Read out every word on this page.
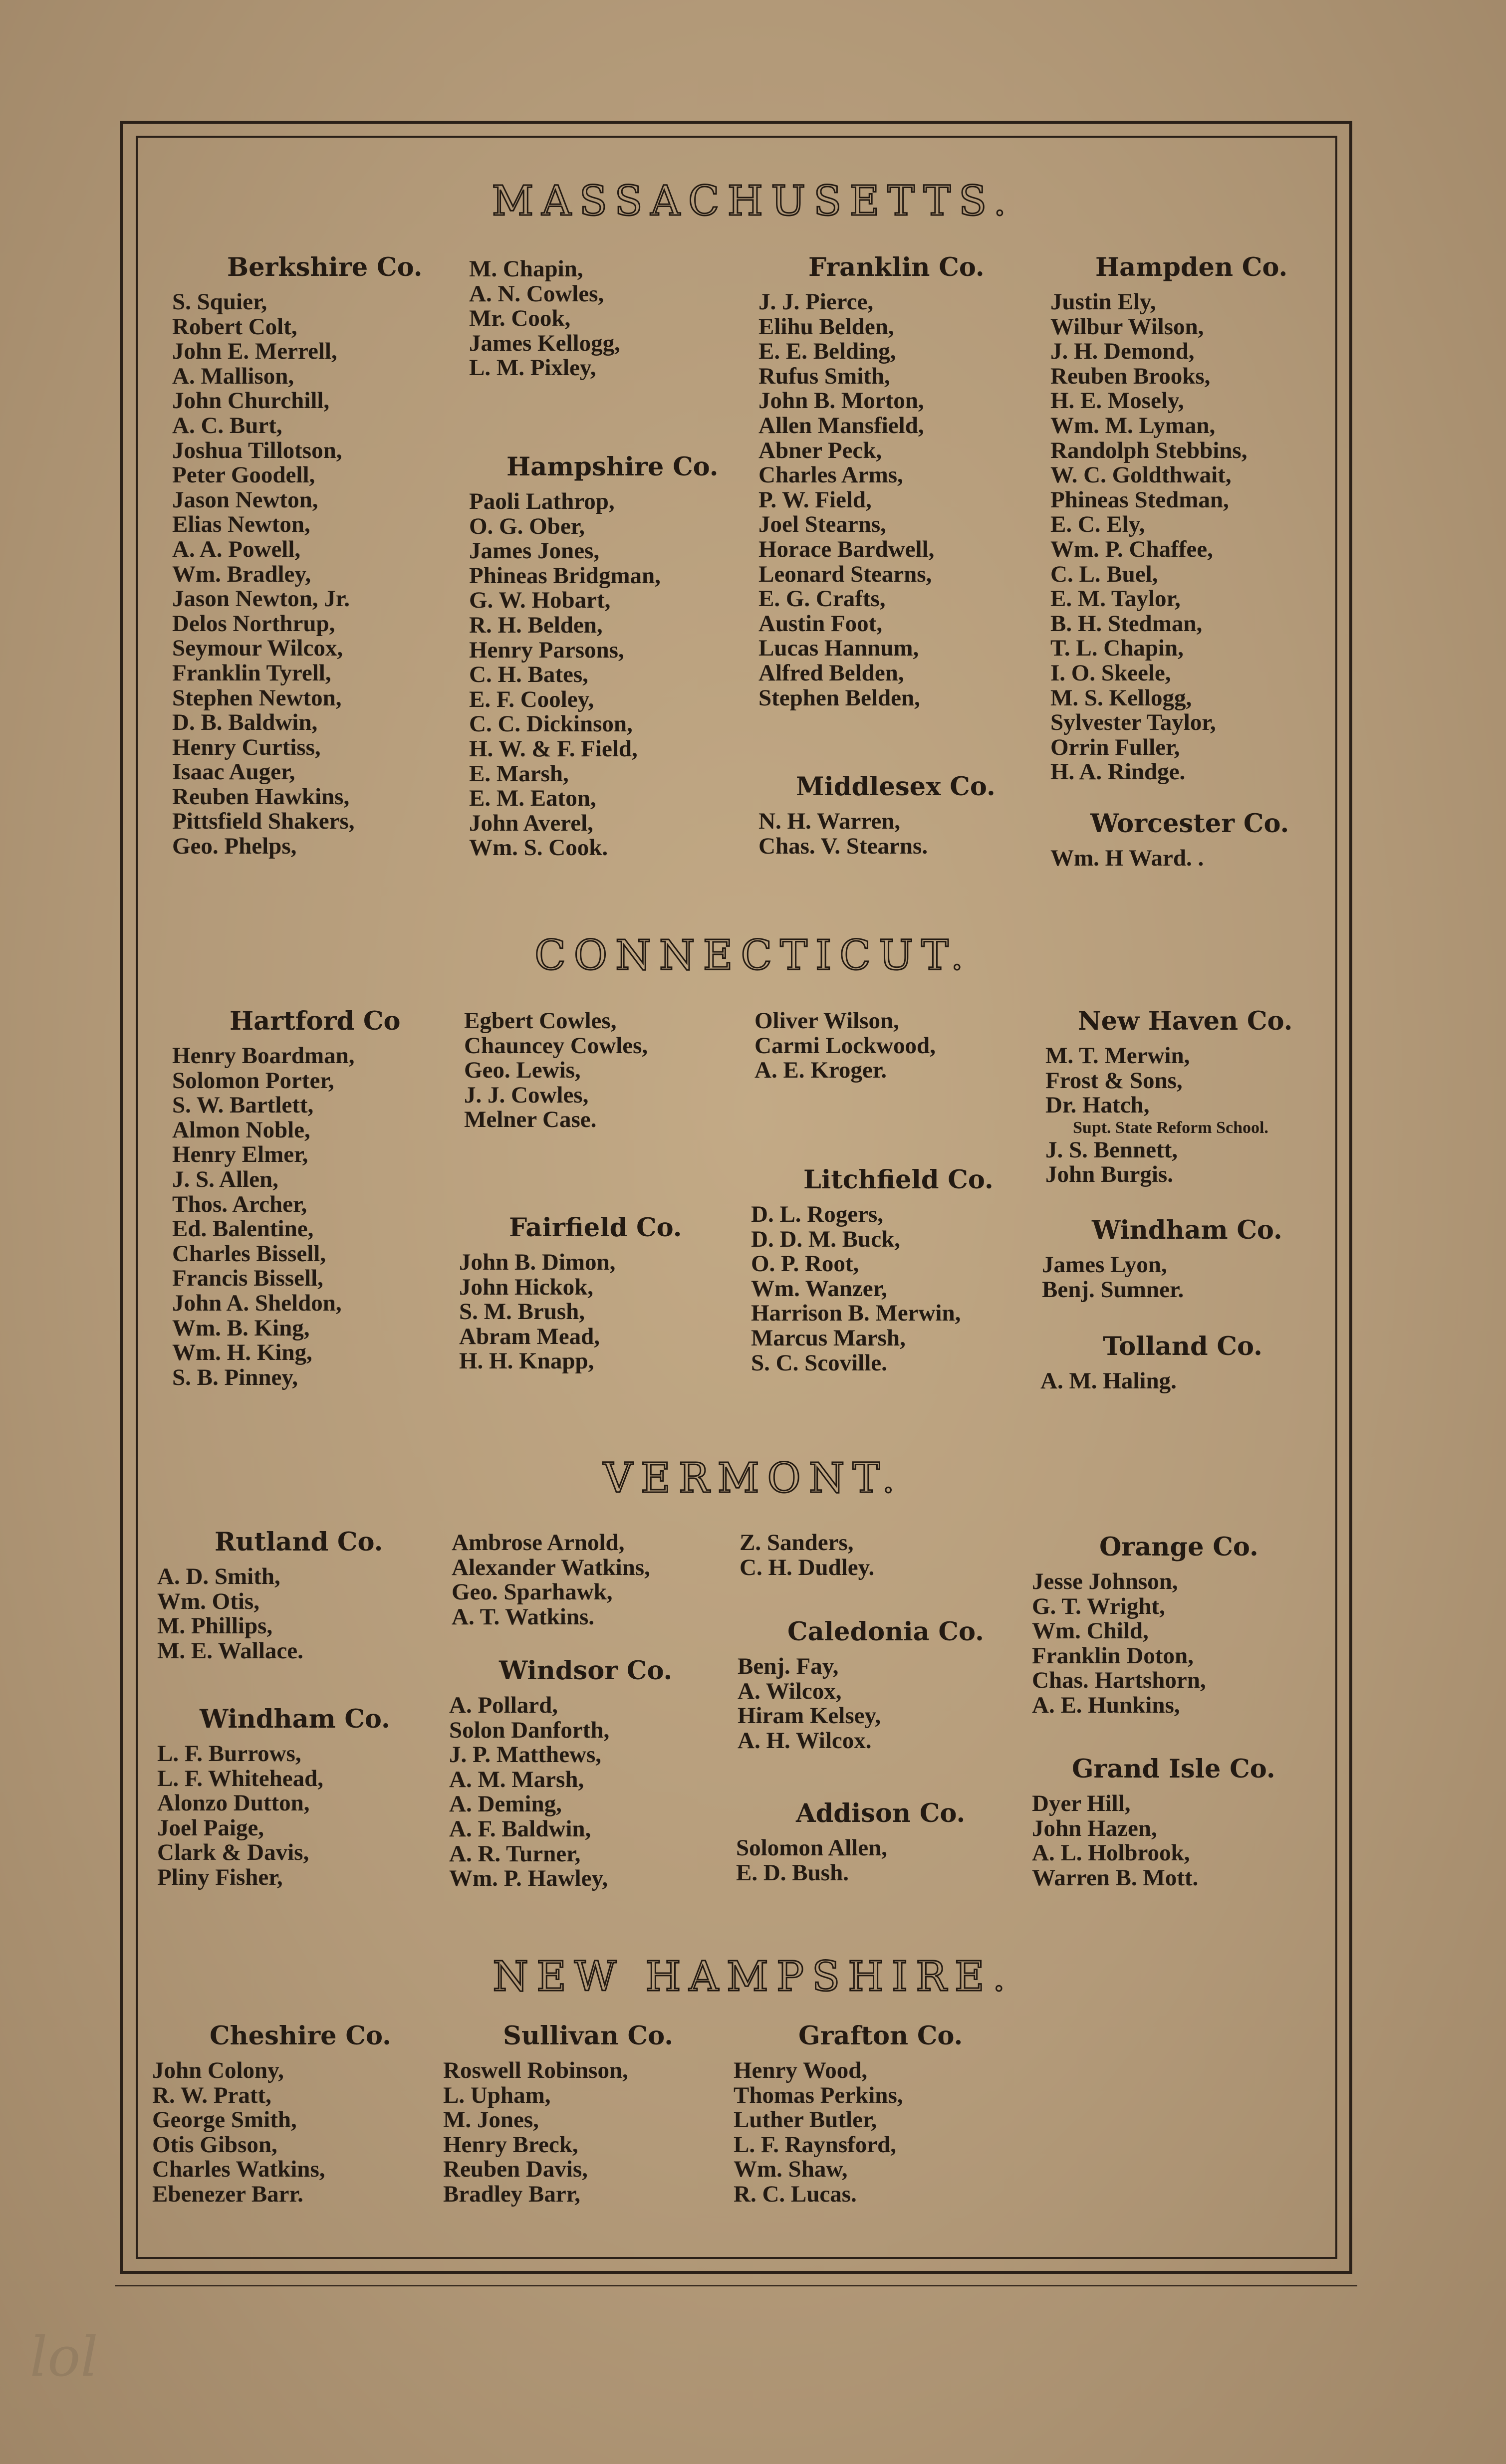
lol
MASSACHUSETTS.
Berkshire Co.
S. Squier,
Robert Colt,
John E. Merrell,
A. Mallison,
John Churchill,
A. C. Burt,
Joshua Tillotson,
Peter Goodell,
Jason Newton,
Elias Newton,
A. A. Powell,
Wm. Bradley,
Jason Newton, Jr.
Delos Northrup,
Seymour Wilcox,
Franklin Tyrell,
Stephen Newton,
D. B. Baldwin,
Henry Curtiss,
Isaac Auger,
Reuben Hawkins,
Pittsfield Shakers,
Geo. Phelps,
M. Chapin,
A. N. Cowles,
Mr. Cook,
James Kellogg,
L. M. Pixley,
Hampshire Co.
Paoli Lathrop,
O. G. Ober,
James Jones,
Phineas Bridgman,
G. W. Hobart,
R. H. Belden,
Henry Parsons,
C. H. Bates,
E. F. Cooley,
C. C. Dickinson,
H. W. & F. Field,
E. Marsh,
E. M. Eaton,
John Averel,
Wm. S. Cook.
Franklin Co.
J. J. Pierce,
Elihu Belden,
E. E. Belding,
Rufus Smith,
John B. Morton,
Allen Mansfield,
Abner Peck,
Charles Arms,
P. W. Field,
Joel Stearns,
Horace Bardwell,
Leonard Stearns,
E. G. Crafts,
Austin Foot,
Lucas Hannum,
Alfred Belden,
Stephen Belden,
Middlesex Co.
N. H. Warren,
Chas. V. Stearns.
Hampden Co.
Justin Ely,
Wilbur Wilson,
J. H. Demond,
Reuben Brooks,
H. E. Mosely,
Wm. M. Lyman,
Randolph Stebbins,
W. C. Goldthwait,
Phineas Stedman,
E. C. Ely,
Wm. P. Chaffee,
C. L. Buel,
E. M. Taylor,
B. H. Stedman,
T. L. Chapin,
I. O. Skeele,
M. S. Kellogg,
Sylvester Taylor,
Orrin Fuller,
H. A. Rindge.
Worcester Co.
Wm. H Ward. .
CONNECTICUT.
Hartford Co
Henry Boardman,
Solomon Porter,
S. W. Bartlett,
Almon Noble,
Henry Elmer,
J. S. Allen,
Thos. Archer,
Ed. Balentine,
Charles Bissell,
Francis Bissell,
John A. Sheldon,
Wm. B. King,
Wm. H. King,
S. B. Pinney,
Egbert Cowles,
Chauncey Cowles,
Geo. Lewis,
J. J. Cowles,
Melner Case.
Fairfield Co.
John B. Dimon,
John Hickok,
S. M. Brush,
Abram Mead,
H. H. Knapp,
Oliver Wilson,
Carmi Lockwood,
A. E. Kroger.
Litchfield Co.
D. L. Rogers,
D. D. M. Buck,
O. P. Root,
Wm. Wanzer,
Harrison B. Merwin,
Marcus Marsh,
S. C. Scoville.
New Haven Co.
M. T. Merwin,
Frost & Sons,
Dr. Hatch,
Supt. State Reform School.
J. S. Bennett,
John Burgis.
Windham Co.
James Lyon,
Benj. Sumner.
Tolland Co.
A. M. Haling.
VERMONT.
Rutland Co.
A. D. Smith,
Wm. Otis,
M. Phillips,
M. E. Wallace.
Windham Co.
L. F. Burrows,
L. F. Whitehead,
Alonzo Dutton,
Joel Paige,
Clark & Davis,
Pliny Fisher,
Ambrose Arnold,
Alexander Watkins,
Geo. Sparhawk,
A. T. Watkins.
Windsor Co.
A. Pollard,
Solon Danforth,
J. P. Matthews,
A. M. Marsh,
A. Deming,
A. F. Baldwin,
A. R. Turner,
Wm. P. Hawley,
Z. Sanders,
C. H. Dudley.
Caledonia Co.
Benj. Fay,
A. Wilcox,
Hiram Kelsey,
A. H. Wilcox.
Addison Co.
Solomon Allen,
E. D. Bush.
Orange Co.
Jesse Johnson,
G. T. Wright,
Wm. Child,
Franklin Doton,
Chas. Hartshorn,
A. E. Hunkins,
Grand Isle Co.
Dyer Hill,
John Hazen,
A. L. Holbrook,
Warren B. Mott.
NEW HAMPSHIRE.
Cheshire Co.
John Colony,
R. W. Pratt,
George Smith,
Otis Gibson,
Charles Watkins,
Ebenezer Barr.
Sullivan Co.
Roswell Robinson,
L. Upham,
M. Jones,
Henry Breck,
Reuben Davis,
Bradley Barr,
Grafton Co.
Henry Wood,
Thomas Perkins,
Luther Butler,
L. F. Raynsford,
Wm. Shaw,
R. C. Lucas.
